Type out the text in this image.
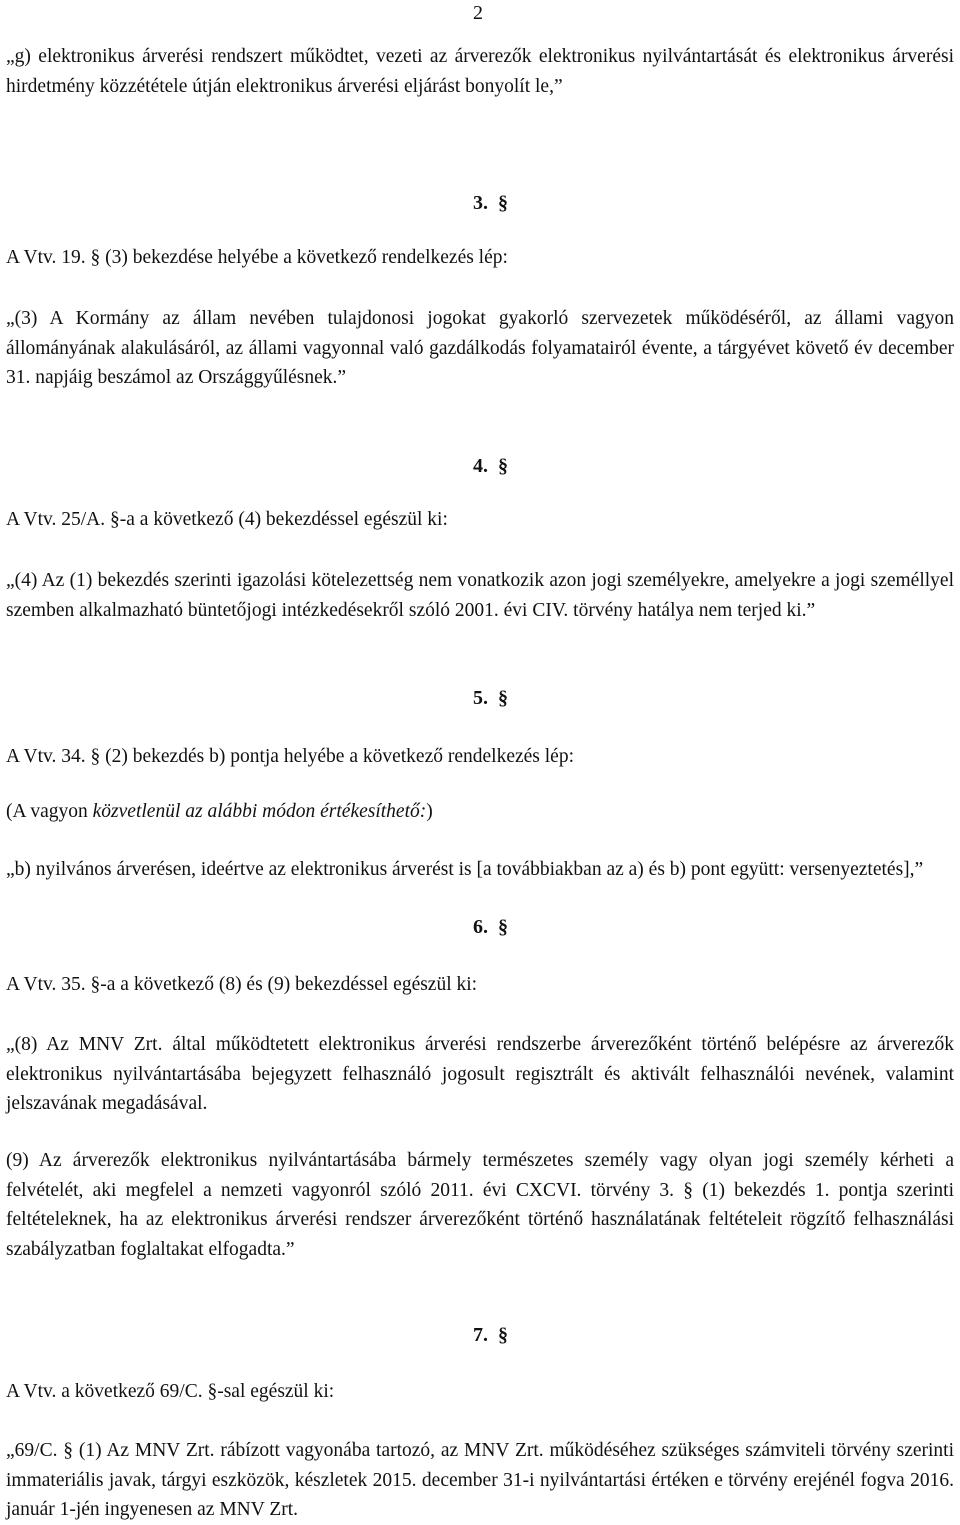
2

„g) elektronikus árverési rendszert működtet, vezeti az árverezők elektronikus nyilvántartását és elektronikus árverési hirdetmény közzététele útján elektronikus árverési eljárást bonyolít le,”

3.  §

A Vtv. 19. § (3) bekezdése helyébe a következő rendelkezés lép:

„(3) A Kormány az állam nevében tulajdonosi jogokat gyakorló szervezetek működéséről, az állami vagyon állományának alakulásáról, az állami vagyonnal való gazdálkodás folyamatairól évente, a tárgyévet követő év december 31. napjáig beszámol az Országgyűlésnek.”

4.  §

A Vtv. 25/A. §-a a következő (4) bekezdéssel egészül ki:

„(4) Az (1) bekezdés szerinti igazolási kötelezettség nem vonatkozik azon jogi személyekre, amelyekre a jogi személlyel szemben alkalmazható büntetőjogi intézkedésekről szóló 2001. évi CIV. törvény hatálya nem terjed ki.”

5.  §

A Vtv. 34. § (2) bekezdés b) pontja helyébe a következő rendelkezés lép:

(A vagyon közvetlenül az alábbi módon értékesíthető:)

„b) nyilvános árverésen, ideértve az elektronikus árverést is [a továbbiakban az a) és b) pont együtt: versenyeztetés],”

6.  §

A Vtv. 35. §-a a következő (8) és (9) bekezdéssel egészül ki:

„(8) Az MNV Zrt. által működtetett elektronikus árverési rendszerbe árverezőként történő belépésre az árverezők elektronikus nyilvántartásába bejegyzett felhasználó jogosult regisztrált és aktivált felhasználói nevének, valamint jelszavának megadásával.

(9) Az árverezők elektronikus nyilvántartásába bármely természetes személy vagy olyan jogi személy kérheti a felvételét, aki megfelel a nemzeti vagyonról szóló 2011. évi CXCVI. törvény 3. § (1) bekezdés 1. pontja szerinti feltételeknek, ha az elektronikus árverési rendszer árverezőként történő használatának feltételeit rögzítő felhasználási szabályzatban foglaltakat elfogadta.”

7.  §

A Vtv. a következő 69/C. §-sal egészül ki:

„69/C. § (1) Az MNV Zrt. rábízott vagyonába tartozó, az MNV Zrt. működéséhez szükséges számviteli törvény szerinti immateriális javak, tárgyi eszközök, készletek 2015. december 31-i nyilvántartási értéken e törvény erejénél fogva 2016. január 1-jén ingyenesen az MNV Zrt.
